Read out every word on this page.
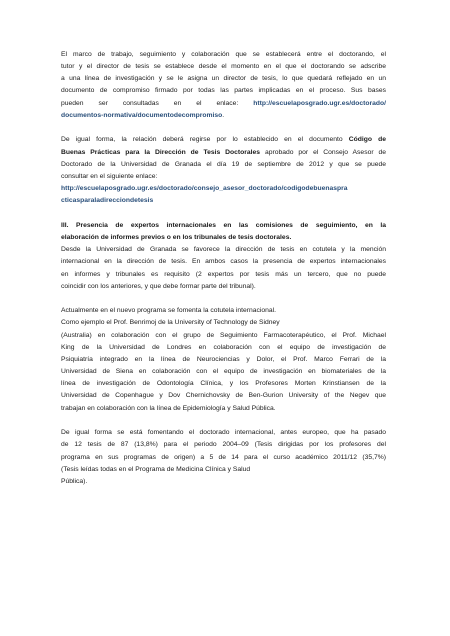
El marco de trabajo, seguimiento y colaboración que se establecerá entre el doctorando, el
tutor y el director de tesis se establece desde el momento en el que el doctorando se adscribe
a una línea de investigación y se le asigna un director de tesis, lo que quedará reflejado en un
documento de compromiso firmado por todas las partes implicadas en el proceso. Sus bases
pueden ser consultadas en el enlace: http://escuelaposgrado.ugr.es/doctorado/
documentos-normativa/documentodecompromiso.
De igual forma, la relación deberá regirse por lo establecido en el documento Código de
Buenas Prácticas para la Dirección de Tesis Doctorales aprobado por el Consejo Asesor de
Doctorado de la Universidad de Granada el día 19 de septiembre de 2012 y que se puede
consultar en el siguiente enlace:
http://escuelaposgrado.ugr.es/doctorado/consejo_asesor_doctorado/codigodebuenaspra
cticasparaladirecciondetesis
III. Presencia de expertos internacionales en las comisiones de seguimiento, en la
elaboración de informes previos o en los tribunales de tesis doctorales.
Desde la Universidad de Granada se favorece la dirección de tesis en cotutela y la mención
internacional en la dirección de tesis. En ambos casos la presencia de expertos internacionales
en informes y tribunales es requisito (2 expertos por tesis más un tercero, que no puede
coincidir con los anteriores, y que debe formar parte del tribunal).
Actualmente en el nuevo programa se fomenta la cotutela internacional.
Como ejemplo el Prof. Benrimoj de la University of Technology de Sidney
(Australia) en colaboración con el grupo de Seguimiento Farmacoterapéutico, el Prof. Michael
King de la Universidad de Londres en colaboración con el equipo de investigación de
Psiquiatría integrado en la línea de Neurociencias y Dolor, el Prof. Marco Ferrari de la
Universidad de Siena en colaboración con el equipo de investigación en biomateriales de la
línea de investigación de Odontología Clínica, y los Profesores Morten Krinstiansen de la
Universidad de Copenhague y Dov Chernichovsky de Ben-Gurion University of the Negev que
trabajan en colaboración con la línea de Epidemiología y Salud Pública.
De igual forma se está fomentando el doctorado internacional, antes europeo, que ha pasado
de 12 tesis de 87 (13,8%) para el periodo 2004–09 (Tesis dirigidas por los profesores del
programa en sus programas de origen) a 5 de 14 para el curso académico 2011/12 (35,7%)
(Tesis leídas todas en el Programa de Medicina Clínica y Salud
Pública).
